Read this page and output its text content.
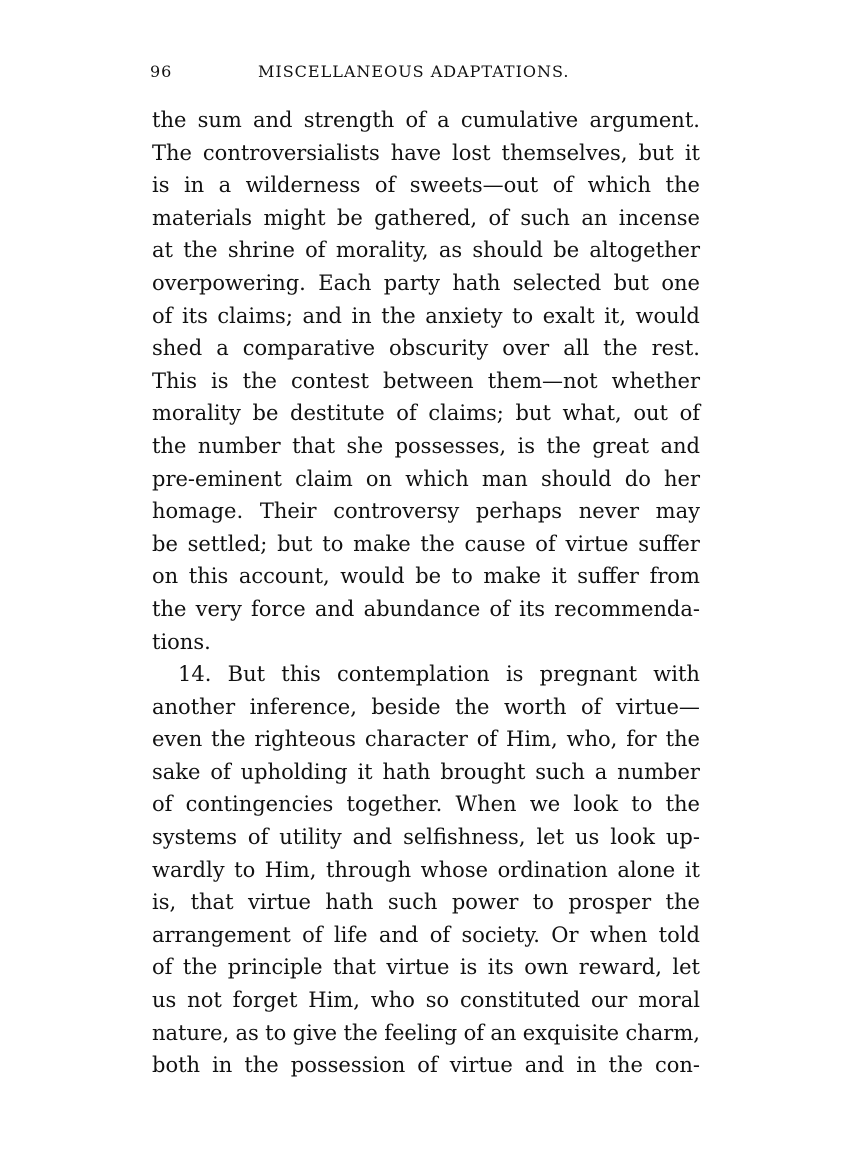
96	MISCELLANEOUS ADAPTATIONS.
the sum and strength of a cumulative argument.
The controversialists have lost themselves, but it
is in a wilderness of sweets—out of which the
materials might be gathered, of such an incense
at the shrine of morality, as should be altogether
overpowering. Each party hath selected but one
of its claims; and in the anxiety to exalt it, would
shed a comparative obscurity over all the rest.
This is the contest between them—not whether
morality be destitute of claims; but what, out of
the number that she possesses, is the great and
pre-eminent claim on which man should do her
homage. Their controversy perhaps never may
be settled; but to make the cause of virtue suffer
on this account, would be to make it suffer from
the very force and abundance of its recommenda-
tions.
14. But this contemplation is pregnant with
another inference, beside the worth of virtue—
even the righteous character of Him, who, for the
sake of upholding it hath brought such a number
of contingencies together. When we look to the
systems of utility and selfishness, let us look up-
wardly to Him, through whose ordination alone it
is, that virtue hath such power to prosper the
arrangement of life and of society. Or when told
of the principle that virtue is its own reward, let
us not forget Him, who so constituted our moral
nature, as to give the feeling of an exquisite charm,
both in the possession of virtue and in the con-
